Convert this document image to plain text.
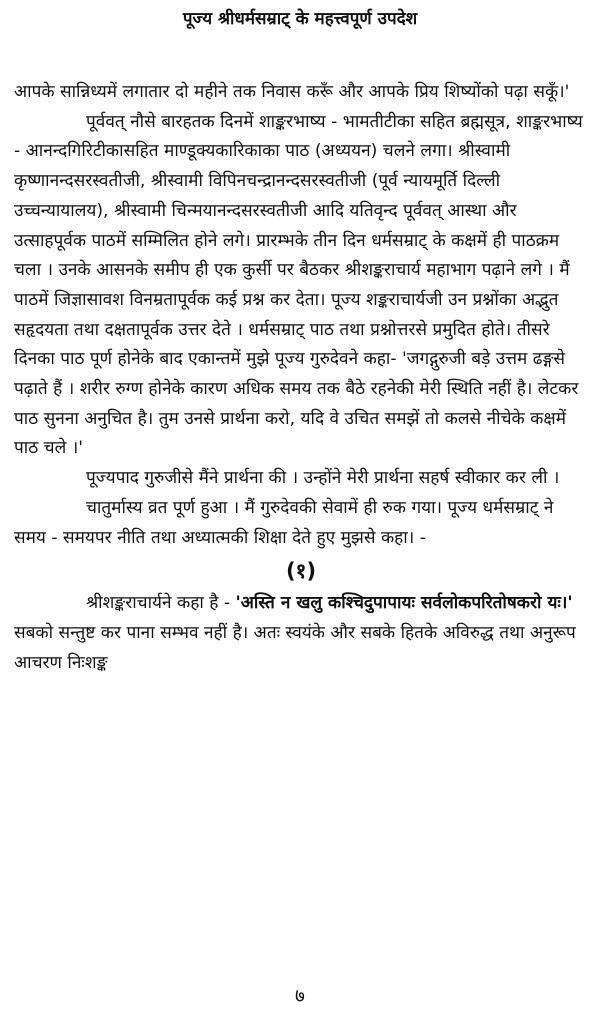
पूज्य श्रीधर्मसम्राट् के महत्त्वपूर्ण उपदेश

आपके सान्निध्यमें लगातार दो महीने तक निवास करूँ और आपके प्रिय शिष्योंको पढ़ा सकूँ।'

पूर्ववत् नौसे बारहतक दिनमें शाङ्करभाष्य - भामतीटीका सहित ब्रह्मसूत्र, शाङ्करभाष्य - आनन्दगिरिटीकासहित माण्डूक्यकारिकाका पाठ (अध्ययन) चलने लगा। श्रीस्वामी कृष्णानन्दसरस्वतीजी, श्रीस्वामी विपिनचन्द्रानन्दसरस्वतीजी (पूर्व न्यायमूर्ति दिल्ली उच्चन्यायालय), श्रीस्वामी चिन्मयानन्दसरस्वतीजी आदि यतिवृन्द पूर्ववत् आस्था और उत्साहपूर्वक पाठमें सम्मिलित होने लगे। प्रारम्भके तीन दिन धर्मसम्राट् के कक्षमें ही पाठक्रम चला । उनके आसनके समीप ही एक कुर्सी पर बैठकर श्रीशङ्कराचार्य महाभाग पढ़ाने लगे । मैं पाठमें जिज्ञासावश विनम्रतापूर्वक कई प्रश्न कर देता। पूज्य शङ्कराचार्यजी उन प्रश्नोंका अद्भुत सहृदयता तथा दक्षतापूर्वक उत्तर देते । धर्मसम्राट् पाठ तथा प्रश्नोत्तरसे प्रमुदित होते। तीसरे दिनका पाठ पूर्ण होनेके बाद एकान्तमें मुझे पूज्य गुरुदेवने कहा- 'जगद्गुरुजी बड़े उत्तम ढङ्गसे पढ़ाते हैं । शरीर रुग्ण होनेके कारण अधिक समय तक बैठे रहनेकी मेरी स्थिति नहीं है। लेटकर पाठ सुनना अनुचित है। तुम उनसे प्रार्थना करो, यदि वे उचित समझें तो कलसे नीचेके कक्षमें पाठ चले ।'

पूज्यपाद गुरुजीसे मैंने प्रार्थना की । उन्होंने मेरी प्रार्थना सहर्ष स्वीकार कर ली ।

चातुर्मास्य व्रत पूर्ण हुआ । मैं गुरुदेवकी सेवामें ही रुक गया। पूज्य धर्मसम्राट् ने समय - समयपर नीति तथा अध्यात्मकी शिक्षा देते हुए मुझसे कहा। -

(१)

श्रीशङ्कराचार्यने कहा है - 'अस्ति न खलु कश्चिदुपापायः सर्वलोकपरितोषकरो यः।' सबको सन्तुष्ट कर पाना सम्भव नहीं है। अतः स्वयंके और सबके हितके अविरुद्ध तथा अनुरूप आचरण निःशङ्क

७
